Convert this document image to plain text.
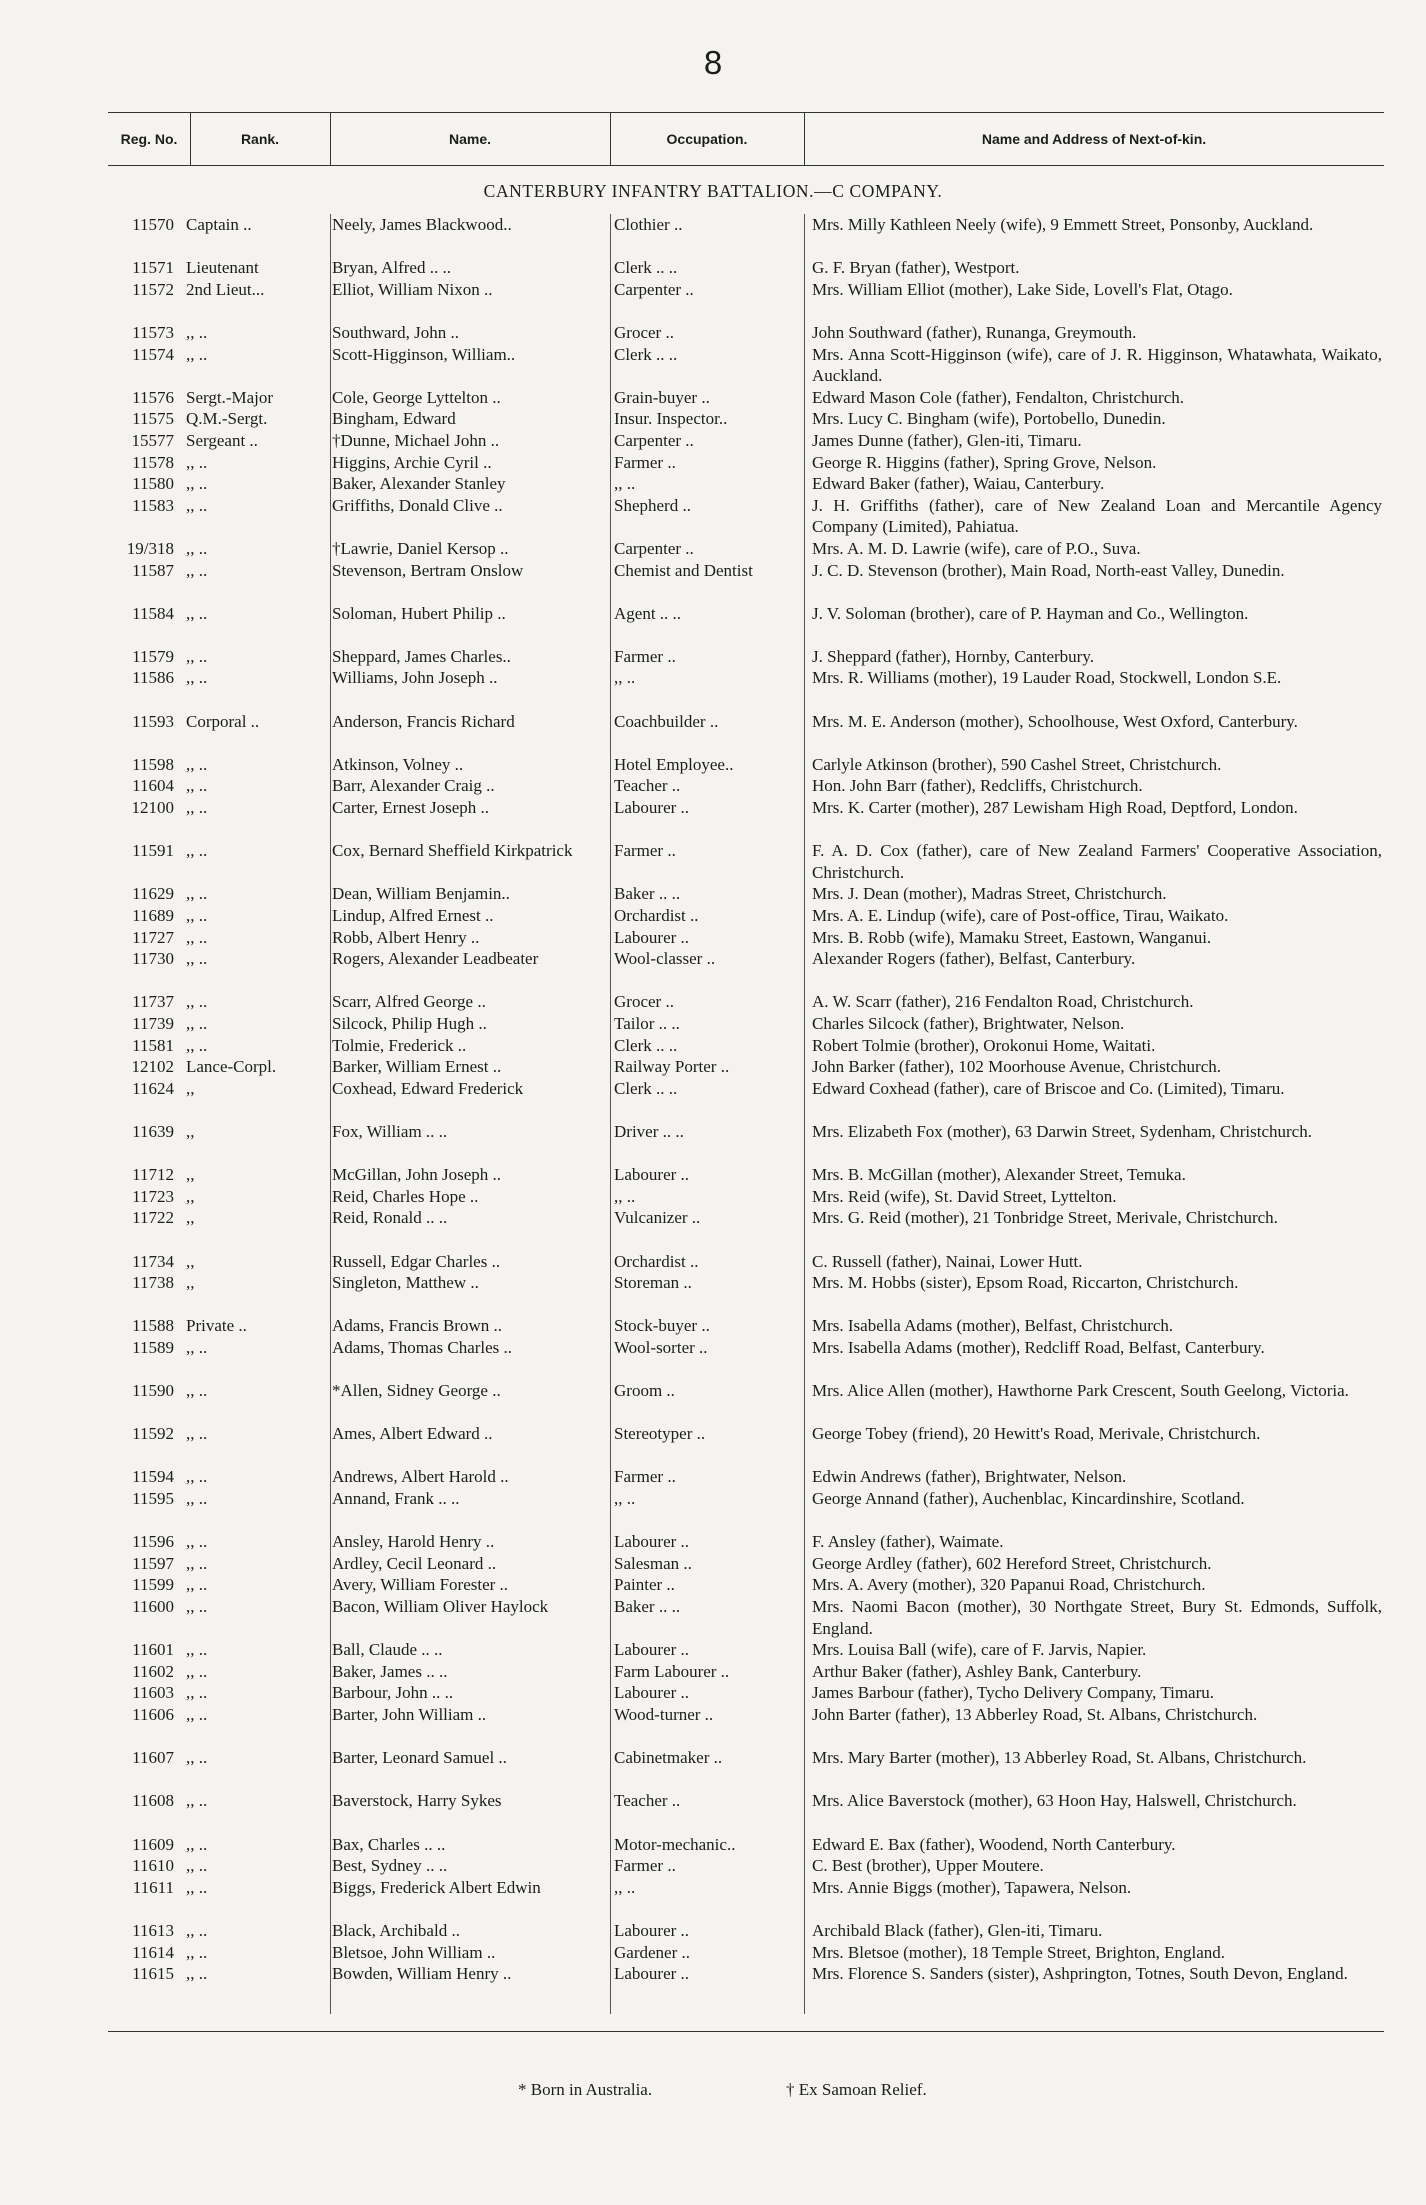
8
Reg. No.	Rank.	Name.	Occupation.	Name and Address of Next-of-kin.
CANTERBURY INFANTRY BATTALION.—C COMPANY.
11570 Captain ..	Neely, James Blackwood..	Clothier ..	Mrs. Milly Kathleen Neely (wife), 9 Emmett Street, Ponsonby, Auckland.
11571 Lieutenant	Bryan, Alfred .. ..	Clerk .. ..	G. F. Bryan (father), Westport.
11572 2nd Lieut...	Elliot, William Nixon ..	Carpenter ..	Mrs. William Elliot (mother), Lake Side, Lovell's Flat, Otago.
11573 ,, ..	Southward, John ..	Grocer ..	John Southward (father), Runanga, Greymouth.
11574 ,, ..	Scott-Higginson, William..	Clerk .. ..	Mrs. Anna Scott-Higginson (wife), care of J. R. Higginson, Whatawhata, Waikato, Auckland.
11576 Sergt.-Major	Cole, George Lyttelton ..	Grain-buyer ..	Edward Mason Cole (father), Fendalton, Christchurch.
11575 Q.M.-Sergt.	Bingham, Edward	Insur. Inspector..	Mrs. Lucy C. Bingham (wife), Portobello, Dunedin.
15577 Sergeant ..	†Dunne, Michael John ..	Carpenter ..	James Dunne (father), Glen-iti, Timaru.
11578 ,, ..	Higgins, Archie Cyril ..	Farmer ..	George R. Higgins (father), Spring Grove, Nelson.
11580 ,, ..	Baker, Alexander Stanley	,, ..	Edward Baker (father), Waiau, Canterbury.
11583 ,, ..	Griffiths, Donald Clive ..	Shepherd ..	J. H. Griffiths (father), care of New Zealand Loan and Mercantile Agency Company (Limited), Pahiatua.
19/318 ,, ..	†Lawrie, Daniel Kersop ..	Carpenter ..	Mrs. A. M. D. Lawrie (wife), care of P.O., Suva.
11587 ,, ..	Stevenson, Bertram Onslow	Chemist and Dentist	J. C. D. Stevenson (brother), Main Road, North-east Valley, Dunedin.
11584 ,, ..	Soloman, Hubert Philip ..	Agent .. ..	J. V. Soloman (brother), care of P. Hayman and Co., Wellington.
11579 ,, ..	Sheppard, James Charles..	Farmer ..	J. Sheppard (father), Hornby, Canterbury.
11586 ,, ..	Williams, John Joseph ..	,, ..	Mrs. R. Williams (mother), 19 Lauder Road, Stockwell, London S.E.
11593 Corporal ..	Anderson, Francis Richard	Coachbuilder ..	Mrs. M. E. Anderson (mother), Schoolhouse, West Oxford, Canterbury.
11598 ,, ..	Atkinson, Volney ..	Hotel Employee..	Carlyle Atkinson (brother), 590 Cashel Street, Christchurch.
11604 ,, ..	Barr, Alexander Craig ..	Teacher ..	Hon. John Barr (father), Redcliffs, Christchurch.
12100 ,, ..	Carter, Ernest Joseph ..	Labourer ..	Mrs. K. Carter (mother), 287 Lewisham High Road, Deptford, London.
11591 ,, ..	Cox, Bernard Sheffield Kirkpatrick	Farmer ..	F. A. D. Cox (father), care of New Zealand Farmers' Cooperative Association, Christchurch.
11629 ,, ..	Dean, William Benjamin..	Baker .. ..	Mrs. J. Dean (mother), Madras Street, Christchurch.
11689 ,, ..	Lindup, Alfred Ernest ..	Orchardist ..	Mrs. A. E. Lindup (wife), care of Post-office, Tirau, Waikato.
11727 ,, ..	Robb, Albert Henry ..	Labourer ..	Mrs. B. Robb (wife), Mamaku Street, Eastown, Wanganui.
11730 ,, ..	Rogers, Alexander Leadbeater	Wool-classer ..	Alexander Rogers (father), Belfast, Canterbury.
11737 ,, ..	Scarr, Alfred George ..	Grocer ..	A. W. Scarr (father), 216 Fendalton Road, Christchurch.
11739 ,, ..	Silcock, Philip Hugh ..	Tailor .. ..	Charles Silcock (father), Brightwater, Nelson.
11581 ,, ..	Tolmie, Frederick ..	Clerk .. ..	Robert Tolmie (brother), Orokonui Home, Waitati.
12102 Lance-Corpl.	Barker, William Ernest ..	Railway Porter ..	John Barker (father), 102 Moorhouse Avenue, Christchurch.
11624 ,,	Coxhead, Edward Frederick	Clerk .. ..	Edward Coxhead (father), care of Briscoe and Co. (Limited), Timaru.
11639 ,,	Fox, William .. ..	Driver .. ..	Mrs. Elizabeth Fox (mother), 63 Darwin Street, Sydenham, Christchurch.
11712 ,,	McGillan, John Joseph ..	Labourer ..	Mrs. B. McGillan (mother), Alexander Street, Temuka.
11723 ,,	Reid, Charles Hope ..	,, ..	Mrs. Reid (wife), St. David Street, Lyttelton.
11722 ,,	Reid, Ronald .. ..	Vulcanizer ..	Mrs. G. Reid (mother), 21 Tonbridge Street, Merivale, Christchurch.
11734 ,,	Russell, Edgar Charles ..	Orchardist ..	C. Russell (father), Nainai, Lower Hutt.
11738 ,,	Singleton, Matthew ..	Storeman ..	Mrs. M. Hobbs (sister), Epsom Road, Riccarton, Christchurch.
11588 Private ..	Adams, Francis Brown ..	Stock-buyer ..	Mrs. Isabella Adams (mother), Belfast, Christchurch.
11589 ,, ..	Adams, Thomas Charles ..	Wool-sorter ..	Mrs. Isabella Adams (mother), Redcliff Road, Belfast, Canterbury.
11590 ,, ..	*Allen, Sidney George ..	Groom ..	Mrs. Alice Allen (mother), Hawthorne Park Crescent, South Geelong, Victoria.
11592 ,, ..	Ames, Albert Edward ..	Stereotyper ..	George Tobey (friend), 20 Hewitt's Road, Merivale, Christchurch.
11594 ,, ..	Andrews, Albert Harold ..	Farmer ..	Edwin Andrews (father), Brightwater, Nelson.
11595 ,, ..	Annand, Frank .. ..	,, ..	George Annand (father), Auchenblac, Kincardinshire, Scotland.
11596 ,, ..	Ansley, Harold Henry ..	Labourer ..	F. Ansley (father), Waimate.
11597 ,, ..	Ardley, Cecil Leonard ..	Salesman ..	George Ardley (father), 602 Hereford Street, Christchurch.
11599 ,, ..	Avery, William Forester ..	Painter ..	Mrs. A. Avery (mother), 320 Papanui Road, Christchurch.
11600 ,, ..	Bacon, William Oliver Haylock	Baker .. ..	Mrs. Naomi Bacon (mother), 30 Northgate Street, Bury St. Edmonds, Suffolk, England.
11601 ,, ..	Ball, Claude .. ..	Labourer ..	Mrs. Louisa Ball (wife), care of F. Jarvis, Napier.
11602 ,, ..	Baker, James .. ..	Farm Labourer ..	Arthur Baker (father), Ashley Bank, Canterbury.
11603 ,, ..	Barbour, John .. ..	Labourer ..	James Barbour (father), Tycho Delivery Company, Timaru.
11606 ,, ..	Barter, John William ..	Wood-turner ..	John Barter (father), 13 Abberley Road, St. Albans, Christchurch.
11607 ,, ..	Barter, Leonard Samuel ..	Cabinetmaker ..	Mrs. Mary Barter (mother), 13 Abberley Road, St. Albans, Christchurch.
11608 ,, ..	Baverstock, Harry Sykes	Teacher ..	Mrs. Alice Baverstock (mother), 63 Hoon Hay, Halswell, Christchurch.
11609 ,, ..	Bax, Charles .. ..	Motor-mechanic..	Edward E. Bax (father), Woodend, North Canterbury.
11610 ,, ..	Best, Sydney .. ..	Farmer ..	C. Best (brother), Upper Moutere.
11611 ,, ..	Biggs, Frederick Albert Edwin	,, ..	Mrs. Annie Biggs (mother), Tapawera, Nelson.
11613 ,, ..	Black, Archibald ..	Labourer ..	Archibald Black (father), Glen-iti, Timaru.
11614 ,, ..	Bletsoe, John William ..	Gardener ..	Mrs. Bletsoe (mother), 18 Temple Street, Brighton, England.
11615 ,, ..	Bowden, William Henry ..	Labourer ..	Mrs. Florence S. Sanders (sister), Ashprington, Totnes, South Devon, England.
* Born in Australia.	† Ex Samoan Relief.
